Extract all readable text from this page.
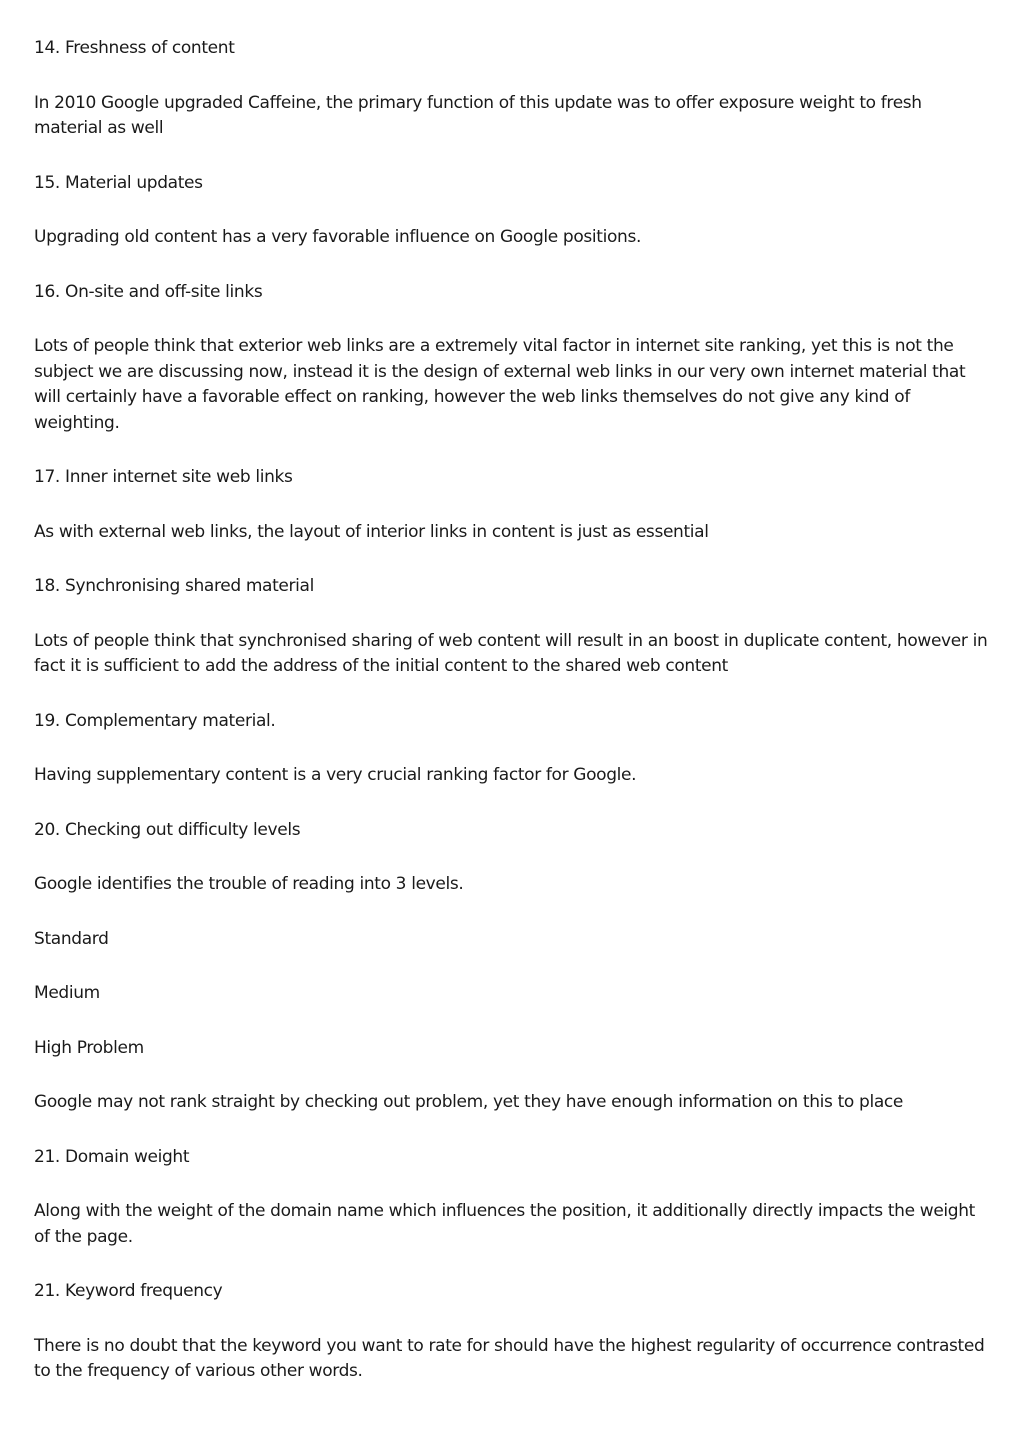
14. Freshness of content

In 2010 Google upgraded Caffeine, the primary function of this update was to offer exposure weight to fresh material as well

15. Material updates

Upgrading old content has a very favorable influence on Google positions.

16. On-site and off-site links

Lots of people think that exterior web links are a extremely vital factor in internet site ranking, yet this is not the subject we are discussing now, instead it is the design of external web links in our very own internet material that will certainly have a favorable effect on ranking, however the web links themselves do not give any kind of weighting.

17. Inner internet site web links

As with external web links, the layout of interior links in content is just as essential

18. Synchronising shared material

Lots of people think that synchronised sharing of web content will result in an boost in duplicate content, however in fact it is sufficient to add the address of the initial content to the shared web content

19. Complementary material.

Having supplementary content is a very crucial ranking factor for Google.

20. Checking out difficulty levels

Google identifies the trouble of reading into 3 levels.

Standard

Medium

High Problem

Google may not rank straight by checking out problem, yet they have enough information on this to place

21. Domain weight

Along with the weight of the domain name which influences the position, it additionally directly impacts the weight of the page.

21. Keyword frequency

There is no doubt that the keyword you want to rate for should have the highest regularity of occurrence contrasted to the frequency of various other words.
